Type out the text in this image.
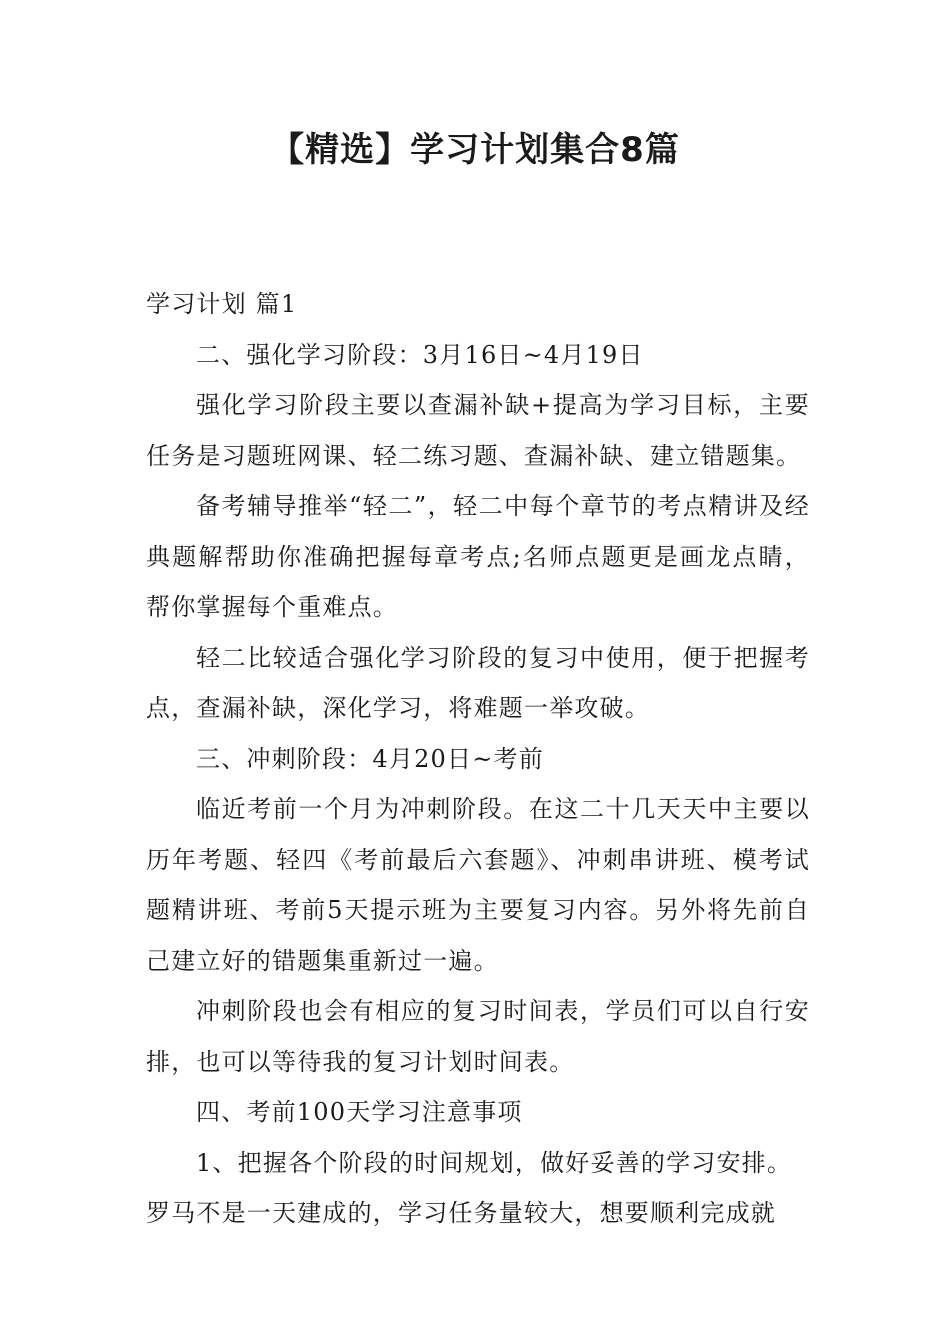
【精选】学习计划集合8篇

学习计划 篇1

二、强化学习阶段：3月16日~4月19日

强化学习阶段主要以查漏补缺+提高为学习目标，主要任务是习题班网课、轻二练习题、查漏补缺、建立错题集。

备考辅导推举“轻二”，轻二中每个章节的考点精讲及经典题解帮助你准确把握每章考点;名师点题更是画龙点睛，帮你掌握每个重难点。

轻二比较适合强化学习阶段的复习中使用，便于把握考点，查漏补缺，深化学习，将难题一举攻破。

三、冲刺阶段：4月20日~考前

临近考前一个月为冲刺阶段。在这二十几天天中主要以历年考题、轻四《考前最后六套题》、冲刺串讲班、模考试题精讲班、考前5天提示班为主要复习内容。另外将先前自己建立好的错题集重新过一遍。

冲刺阶段也会有相应的复习时间表，学员们可以自行安排，也可以等待我的复习计划时间表。

四、考前100天学习注意事项

1、把握各个阶段的时间规划，做好妥善的学习安排。

罗马不是一天建成的，学习任务量较大，想要顺利完成就
